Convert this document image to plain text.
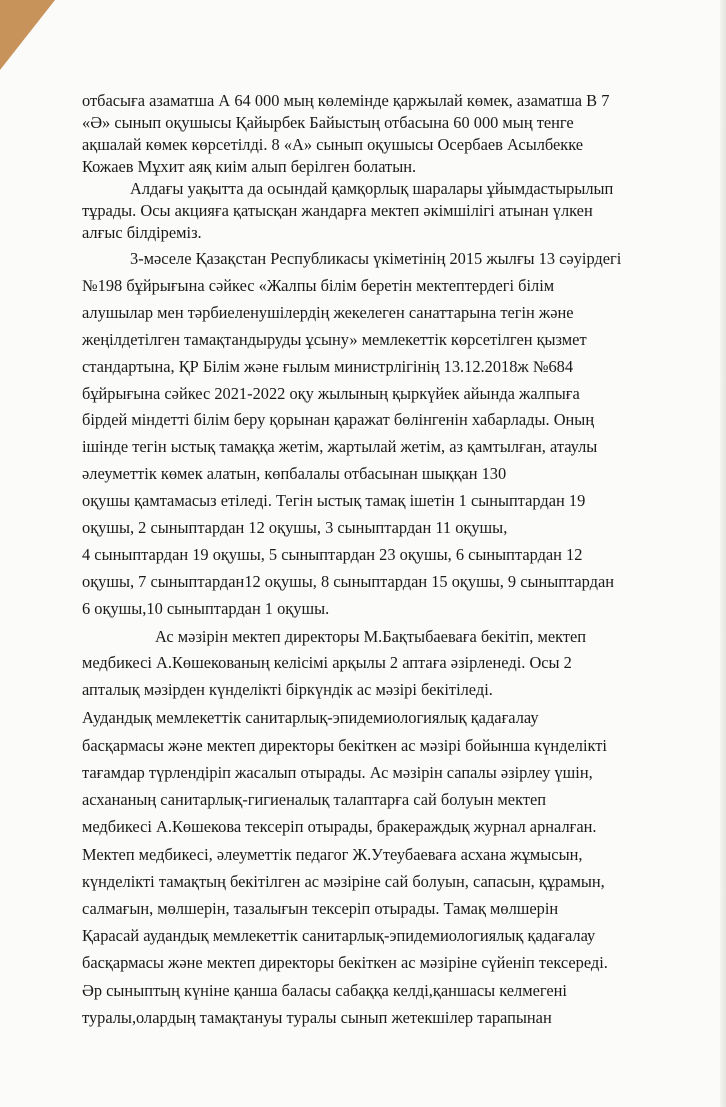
отбасыға азаматша А 64 000 мың көлемінде қаржылай көмек, азаматша В 7
«Ә» сынып оқушысы Қайырбек Байыстың отбасына 60 000 мың тенге
ақшалай көмек көрсетілді. 8 «А» сынып оқушысы Осербаев Асылбекке
Кожаев Мұхит аяқ киім алып берілген болатын.
Алдағы уақытта да осындай қамқорлық шаралары ұйымдастырылып
тұрады. Осы акцияға қатысқан жандарға мектеп әкімшілігі атынан үлкен
алғыс білдіреміз.
3-мәселе Қазақстан Республикасы үкіметінің 2015 жылғы 13 сәуірдегі
№198 бұйрығына сәйкес «Жалпы білім беретін мектептердегі білім
алушылар мен тәрбиеленушілердің жекелеген санаттарына тегін және
жеңілдетілген тамақтандыруды ұсыну» мемлекеттік көрсетілген қызмет
стандартына, ҚР Білім және ғылым министрлігінің 13.12.2018ж №684
бұйрығына сәйкес 2021-2022 оқу жылының қыркүйек айында жалпыға
бірдей міндетті білім беру қорынан қаражат бөлінгенін хабарлады. Оның
ішінде тегін ыстық тамаққа жетім, жартылай жетім, аз қамтылған, атаулы
әлеуметтік көмек алатын, көпбалалы отбасынан шыққан 130
оқушы қамтамасыз етіледі. Тегін ыстық тамақ ішетін 1 сыныптардан 19
оқушы, 2 сыныптардан 12 оқушы, 3 сыныптардан 11 оқушы,
4 сыныптардан 19 оқушы, 5 сыныптардан 23 оқушы, 6 сыныптардан 12
оқушы, 7 сыныптардан12 оқушы, 8 сыныптардан 15 оқушы, 9 сыныптардан
6 оқушы,10 сыныптардан 1 оқушы.
Ас мәзірін мектеп директоры М.Бақтыбаеваға бекітіп, мектеп
медбикесі А.Көшекованың келісімі арқылы 2 аптаға әзірленеді. Осы 2
апталық мәзірден күнделікті біркүндік ас мәзірі бекітіледі.
Аудандық мемлекеттік санитарлық-эпидемиологиялық қадағалау
басқармасы және мектеп директоры бекіткен ас мәзірі бойынша күнделікті
тағамдар түрлендіріп жасалып отырады. Ас мәзірін сапалы әзірлеу үшін,
асхананың санитарлық-гигиеналық талаптарға сай болуын мектеп
медбикесі А.Көшекова тексеріп отырады, бракераждық журнал арналған.
Мектеп медбикесі, әлеуметтік педагог Ж.Утеубаеваға асхана жұмысын,
күнделікті тамақтың бекітілген ас мәзіріне сай болуын, сапасын, құрамын,
салмағын, мөлшерін, тазалығын тексеріп отырады. Тамақ мөлшерін
Қарасай аудандық мемлекеттік санитарлық-эпидемиологиялық қадағалау
басқармасы және мектеп директоры бекіткен ас мәзіріне сүйеніп тексереді.
Әр сыныптың күніне қанша баласы сабаққа келді,қаншасы келмегені
туралы,олардың тамақтануы туралы сынып жетекшілер тарапынан
